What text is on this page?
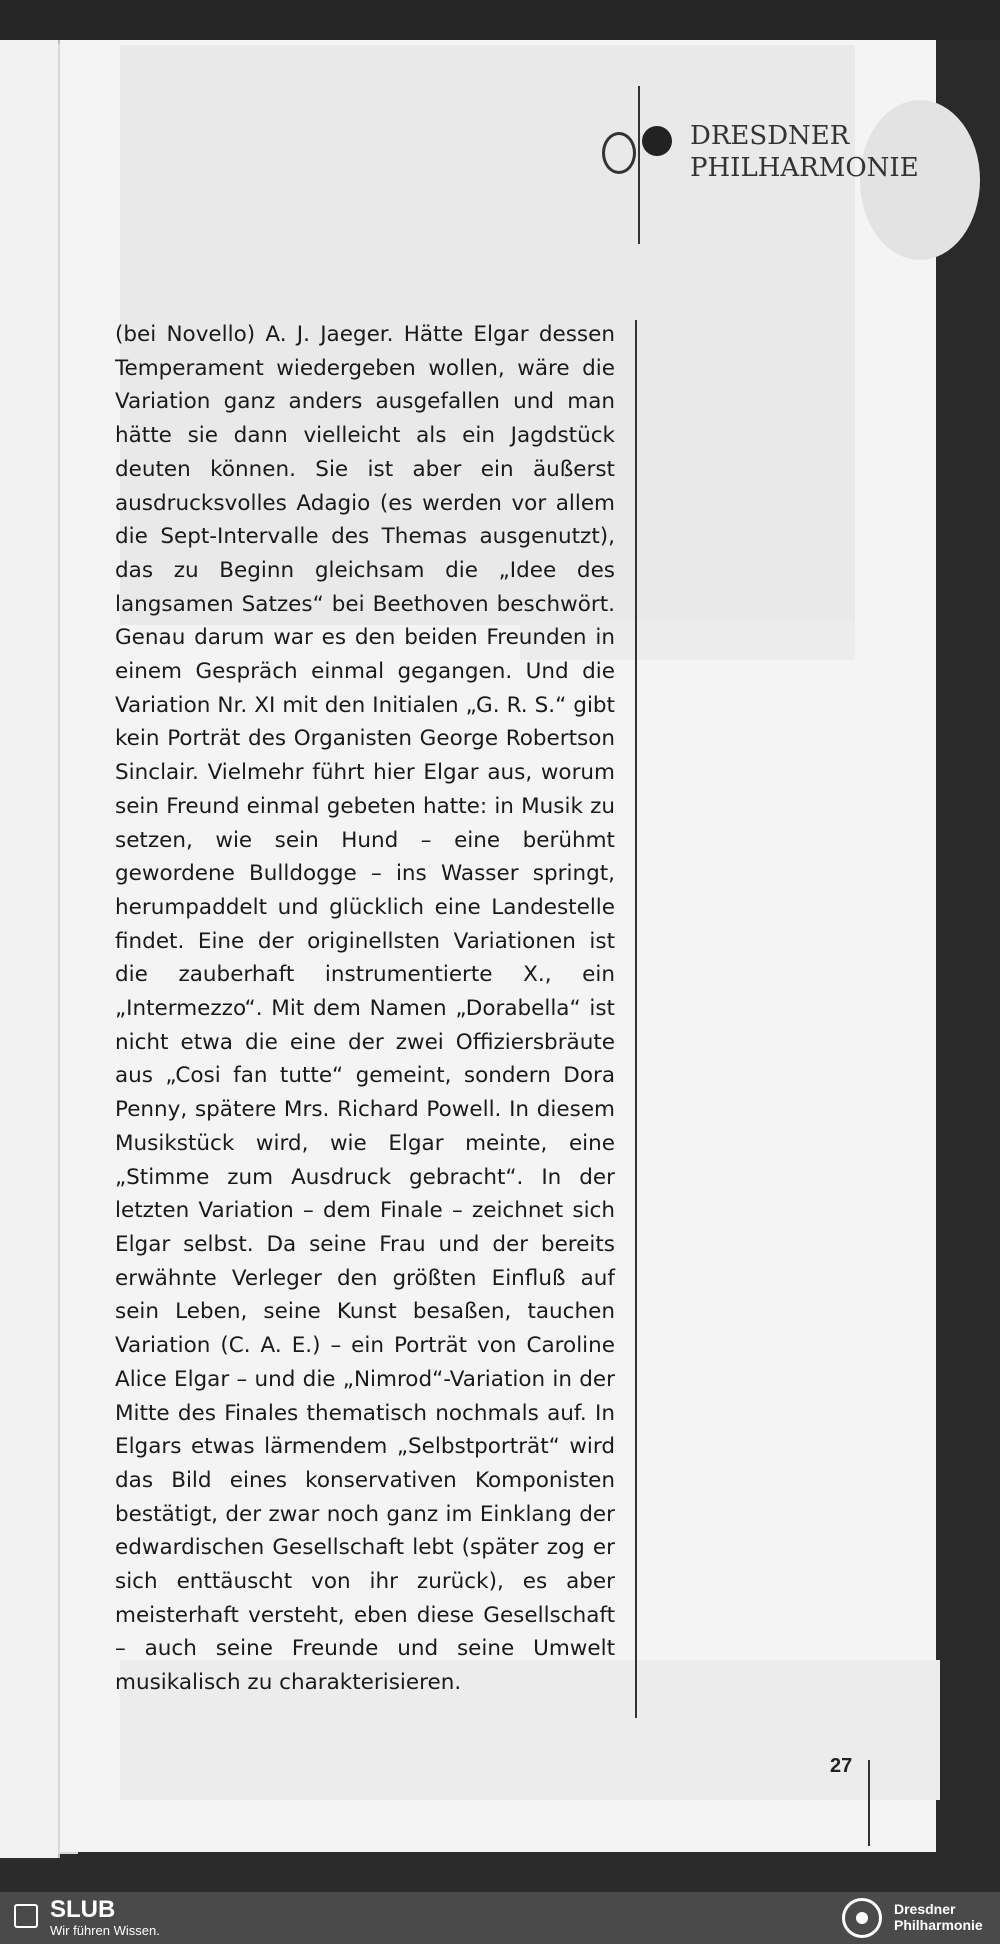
DRESDNER
PHILHARMONIE

(bei Novello) A. J. Jaeger. Hätte Elgar dessen Temperament wiedergeben wollen, wäre die Variation ganz anders ausgefallen und man hätte sie dann vielleicht als ein Jagdstück deuten können. Sie ist aber ein äußerst ausdrucksvolles Adagio (es werden vor allem die Sept-Intervalle des Themas ausgenutzt), das zu Beginn gleichsam die „Idee des langsamen Satzes“ bei Beethoven beschwört. Genau darum war es den beiden Freunden in einem Gespräch einmal gegangen. Und die Variation Nr. XI mit den Initialen „G. R. S.“ gibt kein Porträt des Organisten George Robertson Sinclair. Vielmehr führt hier Elgar aus, worum sein Freund einmal gebeten hatte: in Musik zu setzen, wie sein Hund – eine berühmt gewordene Bulldogge – ins Wasser springt, herumpaddelt und glücklich eine Landestelle findet. Eine der originellsten Variationen ist die zauberhaft instrumentierte X., ein „Intermezzo“. Mit dem Namen „Dorabella“ ist nicht etwa die eine der zwei Offiziersbräute aus „Cosi fan tutte“ gemeint, sondern Dora Penny, spätere Mrs. Richard Powell. In diesem Musikstück wird, wie Elgar meinte, eine „Stimme zum Ausdruck gebracht“. In der letzten Variation – dem Finale – zeichnet sich Elgar selbst. Da seine Frau und der bereits erwähnte Verleger den größten Einfluß auf sein Leben, seine Kunst besaßen, tauchen Variation (C. A. E.) – ein Porträt von Caroline Alice Elgar – und die „Nimrod“-Variation in der Mitte des Finales thematisch nochmals auf. In Elgars etwas lärmendem „Selbstporträt“ wird das Bild eines konservativen Komponisten bestätigt, der zwar noch ganz im Einklang der edwardischen Gesellschaft lebt (später zog er sich enttäuscht von ihr zurück), es aber meisterhaft versteht, eben diese Gesellschaft – auch seine Freunde und seine Umwelt musikalisch zu charakterisieren.

27
SLUB
Wir führen Wissen.
Dresdner
Philharmonie
